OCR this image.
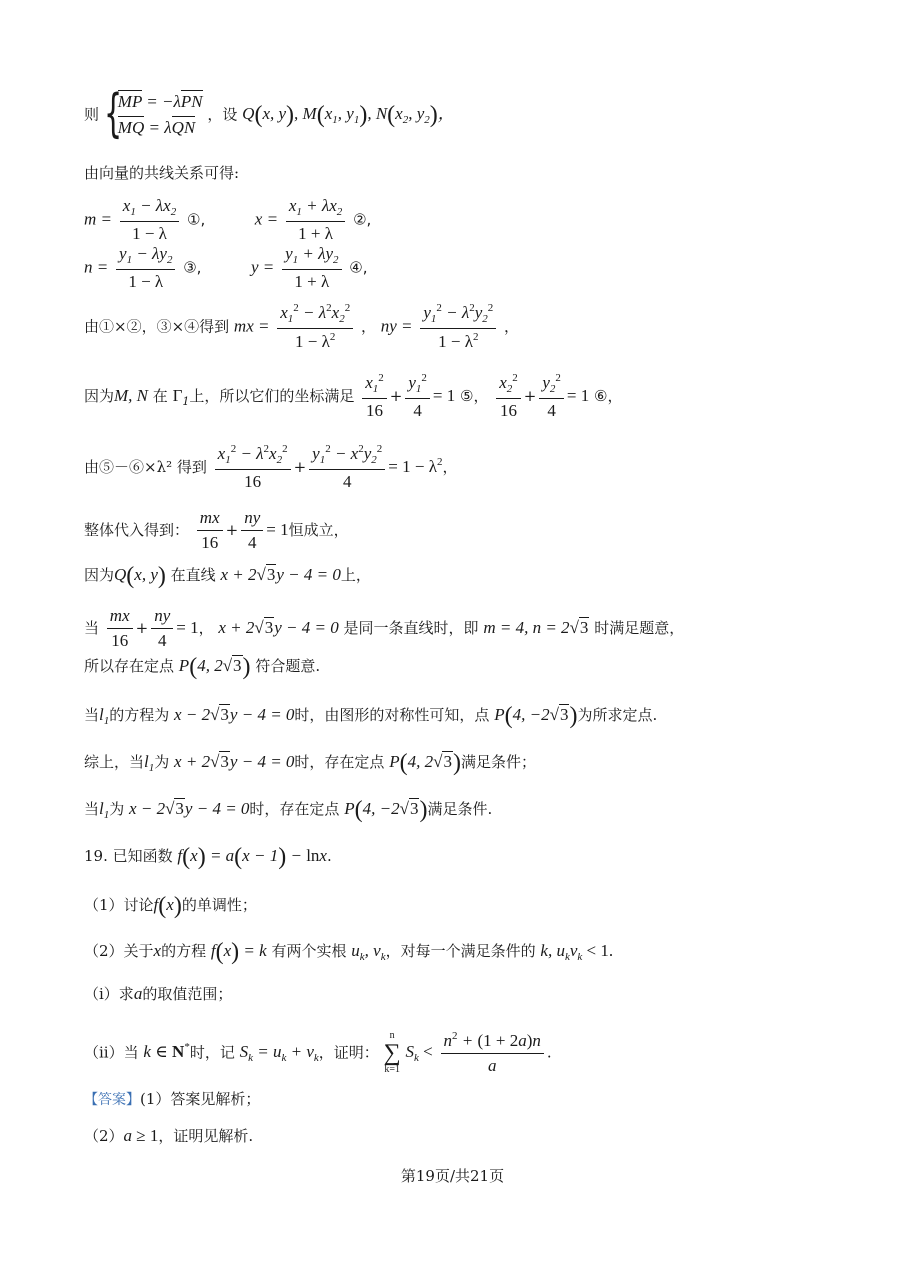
则 {
MP = −λPN
MQ = λQN
，设 Q(x, y), $M(x_1$, $y_1$), $N(x_2$, $y_2$)，
由向量的共线关系可得:
$m = \frac{x_1 - \lambda x_2}{1 - \lambda}$ ①,	$x = \frac{x_1 + \lambda x_2}{1 + \lambda}$ ②,
$n = \frac{y_1 - \lambda y_2}{1 - \lambda}$ ③,	$y = \frac{y_1 + \lambda y_2}{1 + \lambda}$ ④,
由①×②，③×④得到 mx = $\frac{x_1^2 - \lambda^2x_2^2}{1 - \lambda^2}$ ， ny = $\frac{y_1^2 - \lambda^2y_2^2}{1 - \lambda^2}$ ，
因为M, N 在 $\Gamma_1$上，所以它们的坐标满足 $\frac{x_1^2}{16} + \frac{y_1^2}{4} = 1$ ⑤， $\frac{x_2^2}{16} + \frac{y_2^2}{4} = 1$ ⑥，
由⑤－⑥×λ² 得到 $\frac{x_1^2 - \lambda^2x_2^2}{16} + \frac{y_1^2 - x^2y_2^2}{4} = 1 - \lambda^2$，
整体代入得到： $\frac{mx}{16} + \frac{ny}{4} = 1$恒成立，
因为Q(x, y) 在直线 x + 2√3y − 4 = 0上，
当 $\frac{mx}{16} + \frac{ny}{4} = 1$， x + 2√3y − 4 = 0 是同一条直线时，即 m = 4, n = 2√3 时满足题意，
所以存在定点 P(4, 2√3) 符合题意.
当$l_1$的方程为 x − 2√3y − 4 = 0时，由图形的对称性可知，点 P(4, −2√3)为所求定点.
综上，当$l_1$为 x + 2√3y − 4 = 0时，存在定点 P(4, 2√3)满足条件；
当$l_1$为 x − 2√3y − 4 = 0时，存在定点 P(4, −2√3)满足条件.
19. 已知函数 f(x) = a(x − 1) − lnx.
（1）讨论f(x)的单调性；
（2）关于x的方程 f(x) = k 有两个实根 $u_k$, $v_k$，对每一个满足条件的 k, $u_kv_k < 1$.
（i）求a的取值范围；
（ii）当 k ∈ N*时，记 $S_k = u_k + v_k$，证明：
n
∑
k=1
$S_k < \frac{n^2 + (1 + 2a)n}{a}$ .
【答案】(1）答案见解析；
（2）a ≥ 1，证明见解析.
第19页/共21页
